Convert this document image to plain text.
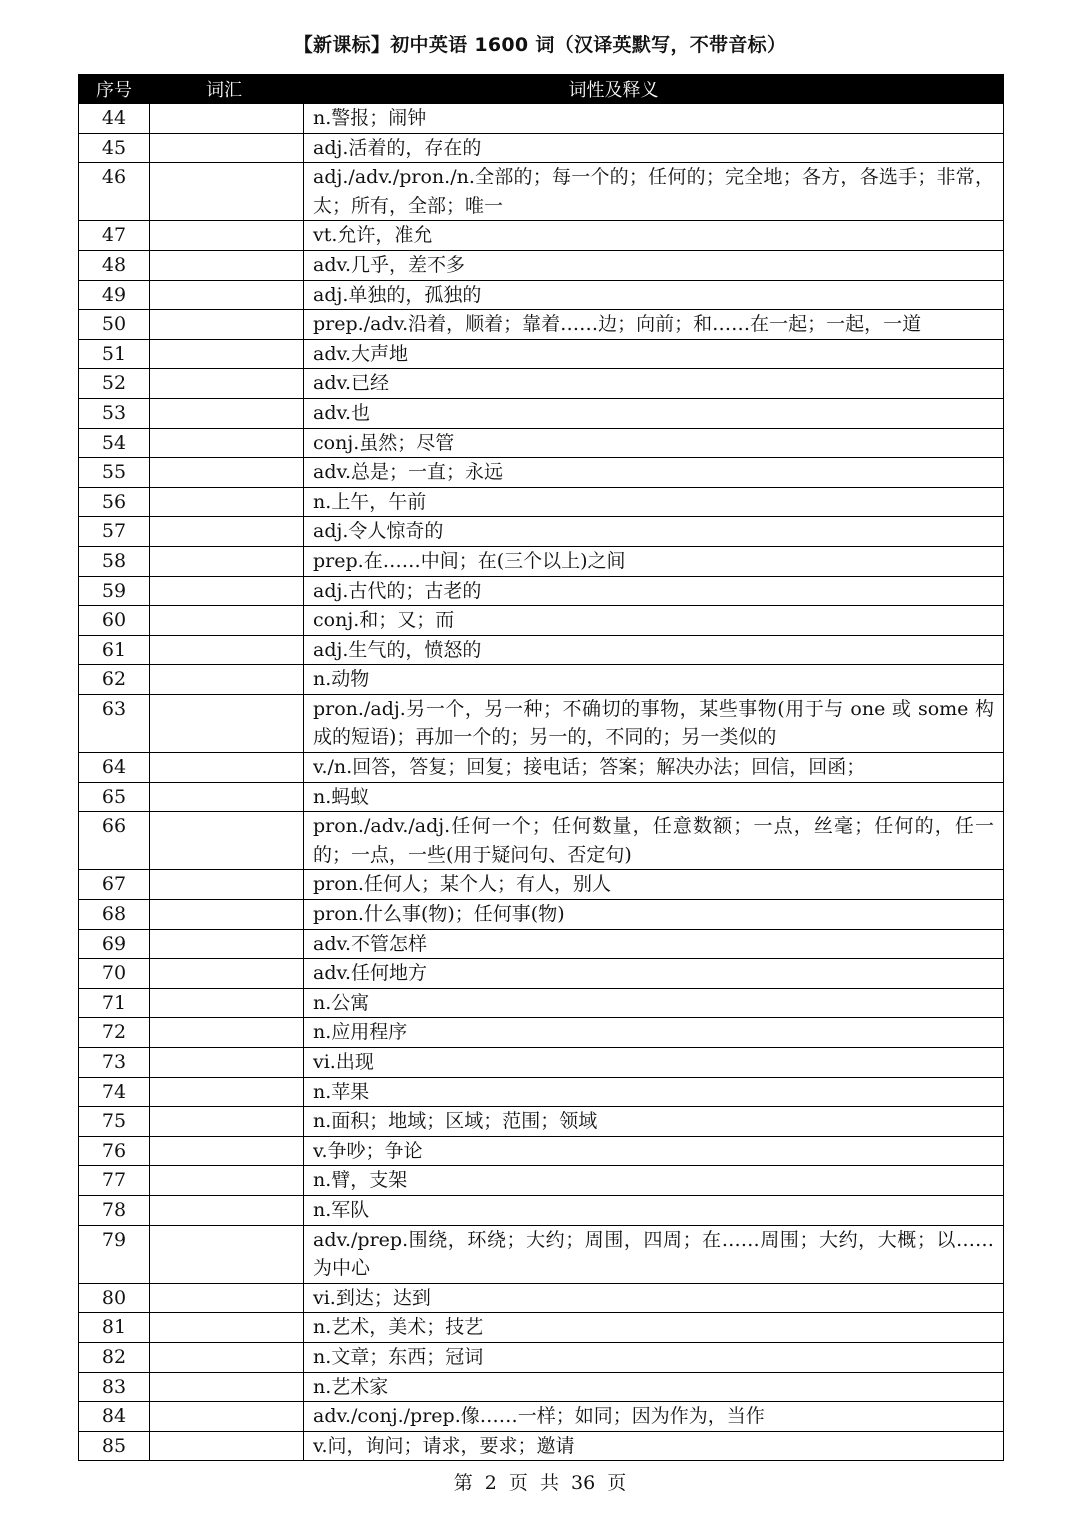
【新课标】初中英语 1600 词（汉译英默写，不带音标）
序号	词汇	词性及释义
44		n.警报；闹钟
45		adj.活着的，存在的
46		adj./adv./pron./n.全部的；每一个的；任何的；完全地；各方，各选手；非常，太；所有，全部；唯一
47		vt.允许，准允
48		adv.几乎，差不多
49		adj.单独的，孤独的
50		prep./adv.沿着，顺着；靠着……边；向前；和……在一起；一起，一道
51		adv.大声地
52		adv.已经
53		adv.也
54		conj.虽然；尽管
55		adv.总是；一直；永远
56		n.上午，午前
57		adj.令人惊奇的
58		prep.在……中间；在(三个以上)之间
59		adj.古代的；古老的
60		conj.和；又；而
61		adj.生气的，愤怒的
62		n.动物
63		pron./adj.另一个，另一种；不确切的事物，某些事物(用于与 one 或 some 构成的短语)；再加一个的；另一的，不同的；另一类似的
64		v./n.回答，答复；回复；接电话；答案；解决办法；回信，回函；
65		n.蚂蚁
66		pron./adv./adj.任何一个；任何数量，任意数额；一点，丝毫；任何的，任一的；一点，一些(用于疑问句、否定句)
67		pron.任何人；某个人；有人，别人
68		pron.什么事(物)；任何事(物)
69		adv.不管怎样
70		adv.任何地方
71		n.公寓
72		n.应用程序
73		vi.出现
74		n.苹果
75		n.面积；地域；区域；范围；领域
76		v.争吵；争论
77		n.臂，支架
78		n.军队
79		adv./prep.围绕，环绕；大约；周围，四周；在……周围；大约，大概；以……为中心
80		vi.到达；达到
81		n.艺术，美术；技艺
82		n.文章；东西；冠词
83		n.艺术家
84		adv./conj./prep.像……一样；如同；因为作为，当作
85		v.问，询问；请求，要求；邀请
第 2 页 共 36 页
